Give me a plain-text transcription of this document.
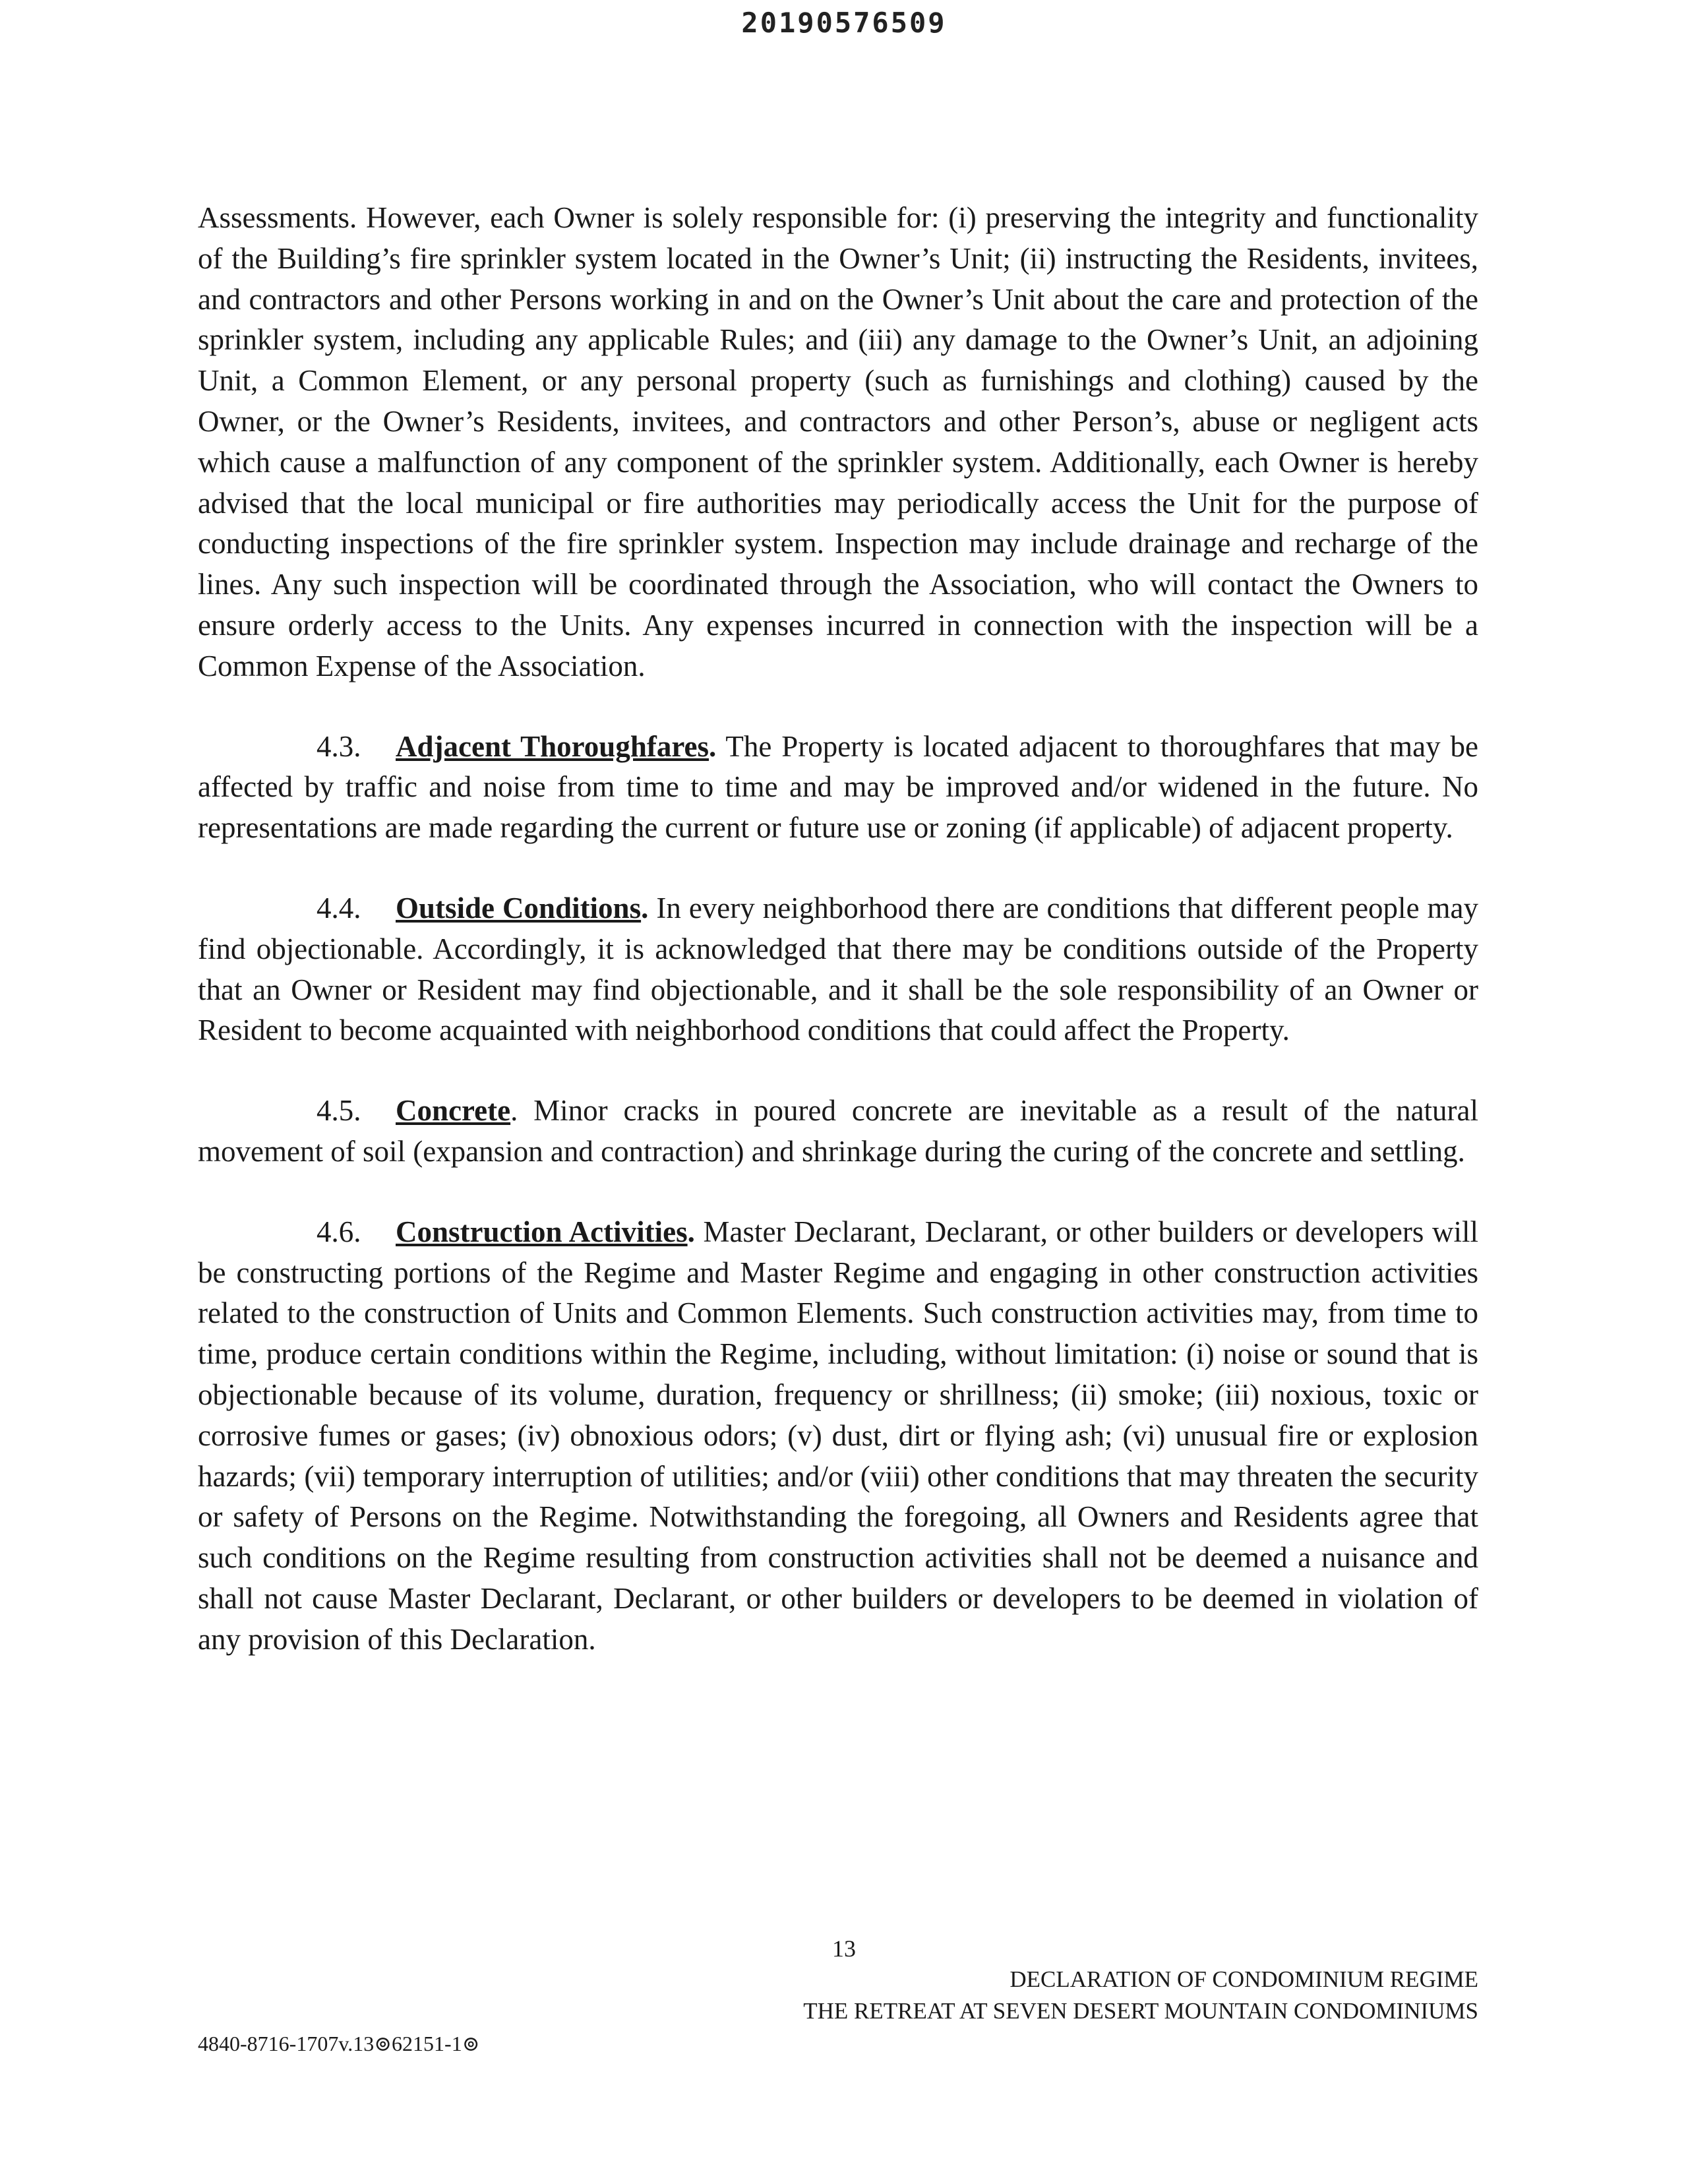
20190576509

Assessments. However, each Owner is solely responsible for: (i) preserving the integrity and functionality of the Building’s fire sprinkler system located in the Owner’s Unit; (ii) instructing the Residents, invitees, and contractors and other Persons working in and on the Owner’s Unit about the care and protection of the sprinkler system, including any applicable Rules; and (iii) any damage to the Owner’s Unit, an adjoining Unit, a Common Element, or any personal property (such as furnishings and clothing) caused by the Owner, or the Owner’s Residents, invitees, and contractors and other Person’s, abuse or negligent acts which cause a malfunction of any component of the sprinkler system. Additionally, each Owner is hereby advised that the local municipal or fire authorities may periodically access the Unit for the purpose of conducting inspections of the fire sprinkler system. Inspection may include drainage and recharge of the lines. Any such inspection will be coordinated through the Association, who will contact the Owners to ensure orderly access to the Units. Any expenses incurred in connection with the inspection will be a Common Expense of the Association.

4.3. Adjacent Thoroughfares. The Property is located adjacent to thoroughfares that may be affected by traffic and noise from time to time and may be improved and/or widened in the future. No representations are made regarding the current or future use or zoning (if applicable) of adjacent property.

4.4. Outside Conditions. In every neighborhood there are conditions that different people may find objectionable. Accordingly, it is acknowledged that there may be conditions outside of the Property that an Owner or Resident may find objectionable, and it shall be the sole responsibility of an Owner or Resident to become acquainted with neighborhood conditions that could affect the Property.

4.5. Concrete. Minor cracks in poured concrete are inevitable as a result of the natural movement of soil (expansion and contraction) and shrinkage during the curing of the concrete and settling.

4.6. Construction Activities. Master Declarant, Declarant, or other builders or developers will be constructing portions of the Regime and Master Regime and engaging in other construction activities related to the construction of Units and Common Elements. Such construction activities may, from time to time, produce certain conditions within the Regime, including, without limitation: (i) noise or sound that is objectionable because of its volume, duration, frequency or shrillness; (ii) smoke; (iii) noxious, toxic or corrosive fumes or gases; (iv) obnoxious odors; (v) dust, dirt or flying ash; (vi) unusual fire or explosion hazards; (vii) temporary interruption of utilities; and/or (viii) other conditions that may threaten the security or safety of Persons on the Regime. Notwithstanding the foregoing, all Owners and Residents agree that such conditions on the Regime resulting from construction activities shall not be deemed a nuisance and shall not cause Master Declarant, Declarant, or other builders or developers to be deemed in violation of any provision of this Declaration.

13
DECLARATION OF CONDOMINIUM REGIME
THE RETREAT AT SEVEN DESERT MOUNTAIN CONDOMINIUMS
4840-8716-1707v.13⊚62151-1⊚
